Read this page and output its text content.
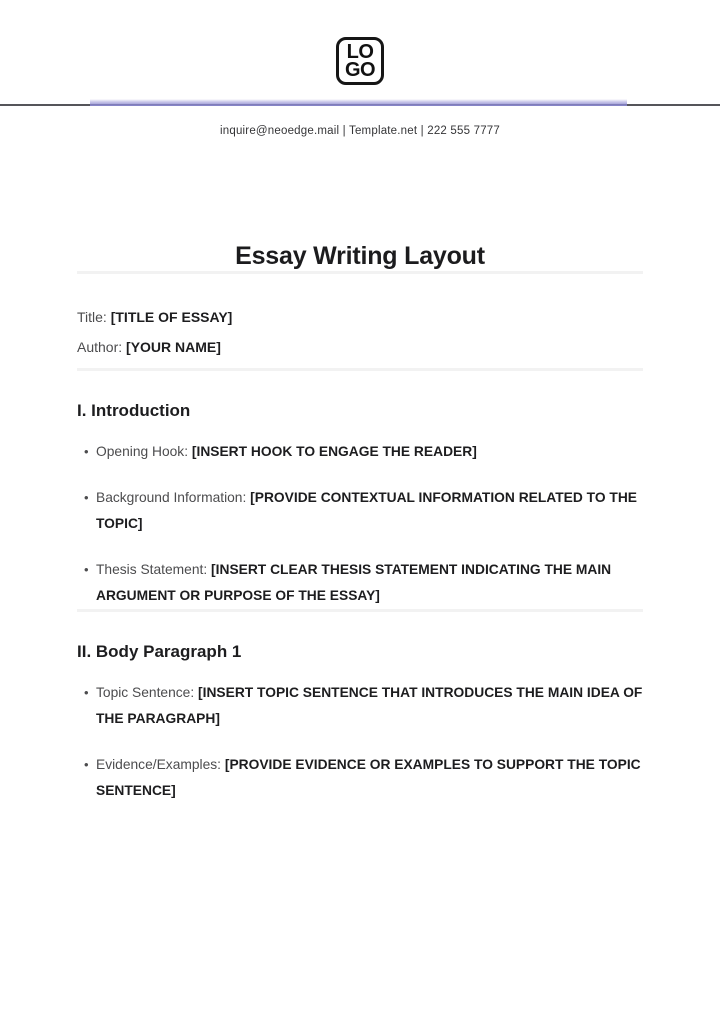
LO
GO
inquire@neoedge.mail | Template.net | 222 555 7777
Essay Writing Layout

Title: [TITLE OF ESSAY]

Author: [YOUR NAME]

I. Introduction
• Opening Hook: [INSERT HOOK TO ENGAGE THE READER]
• Background Information: [PROVIDE CONTEXTUAL INFORMATION RELATED TO THE TOPIC]
• Thesis Statement: [INSERT CLEAR THESIS STATEMENT INDICATING THE MAIN ARGUMENT OR PURPOSE OF THE ESSAY]
II. Body Paragraph 1
• Topic Sentence: [INSERT TOPIC SENTENCE THAT INTRODUCES THE MAIN IDEA OF THE PARAGRAPH]
• Evidence/Examples: [PROVIDE EVIDENCE OR EXAMPLES TO SUPPORT THE TOPIC SENTENCE]
